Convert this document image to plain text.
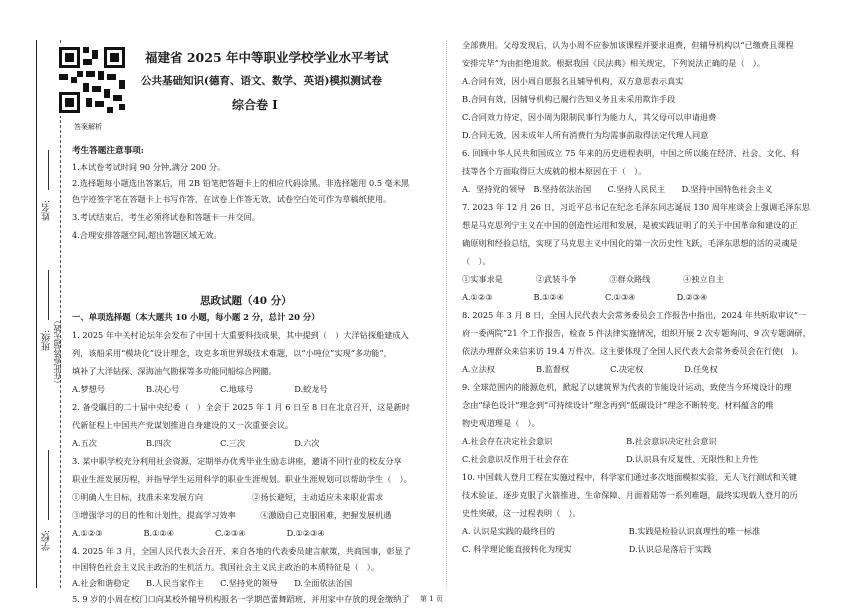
姓名:
班级: （在此卷答题无效）
学校:
答案解析
福建省 2025 年中等职业学校学业水平考试
公共基础知识(德育、语文、数学、英语)模拟测试卷
综合卷 I
考生答题注意事项:
1.本试卷考试时间 90 分钟,满分 200 分。
2.选择题每小题选出答案后，用 2B 铅笔把答题卡上的相应代码涂黑。非选择题用 0.5 毫米黑
色字迹签字笔在答题卡上书写作答，在试卷上作答无效，试卷空白处可作为草稿纸使用。
3.考试结束后，考生必须将试卷和答题卡一并交回。
4.合理安排答题空间,超出答题区域无效。
思政试题（40 分）
一、单项选择题（本大题共 10 小题，每小题 2 分，总计 20 分）
1. 2025 年中关村论坛年会发布了中国十大重要科技成果，其中提到（　）大洋钻探船建成入
列，该船采用“模块化”设计理念，攻克多项世界级技术难题，以“小吨位”实现“多功能”，
填补了大洋钻探、深海油气勘探等多功能同船综合网髓。
A.梦想号　　　　　B.决心号　　　　　C.地球号　　　　　D.蛟龙号
2. 备受瞩目的二十届中央纪委（　）全会于 2025 年 1 月 6 日至 8 日在北京召开，这是新时
代新征程上中国共产党谋划推进自身建设的又一次重要会议。
A.五次　　　　　　B.四次　　　　　　C.三次　　　　　　D.六次
3. 某中职学校充分利用社会资源，定期举办优秀毕业生励志讲座，邀请不同行业的校友分享
职业生涯发展历程，并指导学生运用科学的职业生涯规划。职业生涯规划可以帮助学生（　）。
①明确人生目标，找准未来发展方向　　　　　　②扬长避短，主动适应未来职业需求
③增强学习的目的性和计划性，提高学习效率　　　④激励自己克服困难，把握发展机遇
A.①②③　　　　　B.①②④　　　　　C.②③④　　　　　D.①②③④
4. 2025 年 3 月，全国人民代表大会召开，来自各地的代表委员建言献策，共商国事，彰显了
中国特色社会主义民主政治的生机活力。我国社会主义民主政治的本质特征是（　）。
A.社会和谐稳定　　B.人民当家作主　　C.坚持党的领导　　D.全面依法治国
5. 9 岁的小周在校门口向某校外辅导机构报名一学期芭蕾舞蹈班，并用家中存放的现金缴纳了
全部费用。父母发现后，认为小周不应参加该课程并要求退费，但辅导机构以“已缴费且课程
安排完毕”为由拒绝退款。根据我国《民法典》相关规定，下列说法正确的是（　）。
A.合同有效，因小周自愿报名且辅导机构，双方意思表示真实
B.合同有效，因辅导机构已履行告知义务且未采用欺诈手段
C.合同效力待定，因小周为限制民事行为能力人，其父母可以申请退费
D.合同无效，因未成年人所有消费行为均需事前取得法定代理人同意
6. 回顾中华人民共和国成立 75 年来的历史进程表明，中国之所以能在经济、社会、文化、科
技等各个方面取得巨大成就的根本原因在于（　）。
A．坚持党的领导　B.坚持依法治国　　C.坚持人民民主　　D.坚持中国特色社会主义
7. 2023 年 12 月 26 日，习近平总书记在纪念毛泽东同志诞辰 130 周年座谈会上强调毛泽东思
想是马克思列宁主义在中国的创造性运用和发展，是被实践证明了的关于中国革命和建设的正
确原则和经验总结，实现了马克思主义中国化的第一次历史性飞跃，毛泽东思想的活的灵魂是
（　）。
①实事求是　　　　②武装斗争　　　　③群众路线　　　　④独立自主
A.①②③　　　　　B.①②④　　　　　C.①③④　　　　　D.②③④
8. 2025 年 3 月 8 日，全国人民代表大会常务委员会工作报告中指出，2024 年共听取审议“一
府一委两院”21 个工作报告，检查 5 件法律实施情况，组织开展 2 次专题询问、9 次专题调研，
依法办理群众来信来访 19.4 万件次。这主要体现了全国人民代表大会常务委员会在行使(　)。
A.立法权　　　　　B.监督权　　　　　C.决定权　　　　　D.任免权
9. 全球范围内的能源危机，掀起了以建筑界为代表的节能设计运动，致使当今环境设计的理
念由“绿色设计”理念到“可持续设计”理念再到“低碳设计”理念不断转变。材料蕴含的唯
物史观道理是（　）。
A.社会存在决定社会意识　　　　　　　　　B.社会意识决定社会意识
C.社会意识反作用于社会存在　　　　　　　D.认识具有反复性、无限性和上升性
10. 中国载人登月工程在实施过程中，科学家们通过多次地面模拟实验、无人飞行测试和关键
技术验证，逐步克服了火箭推进、生命保障、月面着陆等一系列难题，最终实现载人登月的历
史性突破，这一过程表明（　）。
A. 认识是实践的最终目的　　　　　　　　　B.实践是检验认识真理性的唯一标准
C. 科学理论能直接转化为现实　　　　　　　D.认识总是落后于实践
第 1 页
